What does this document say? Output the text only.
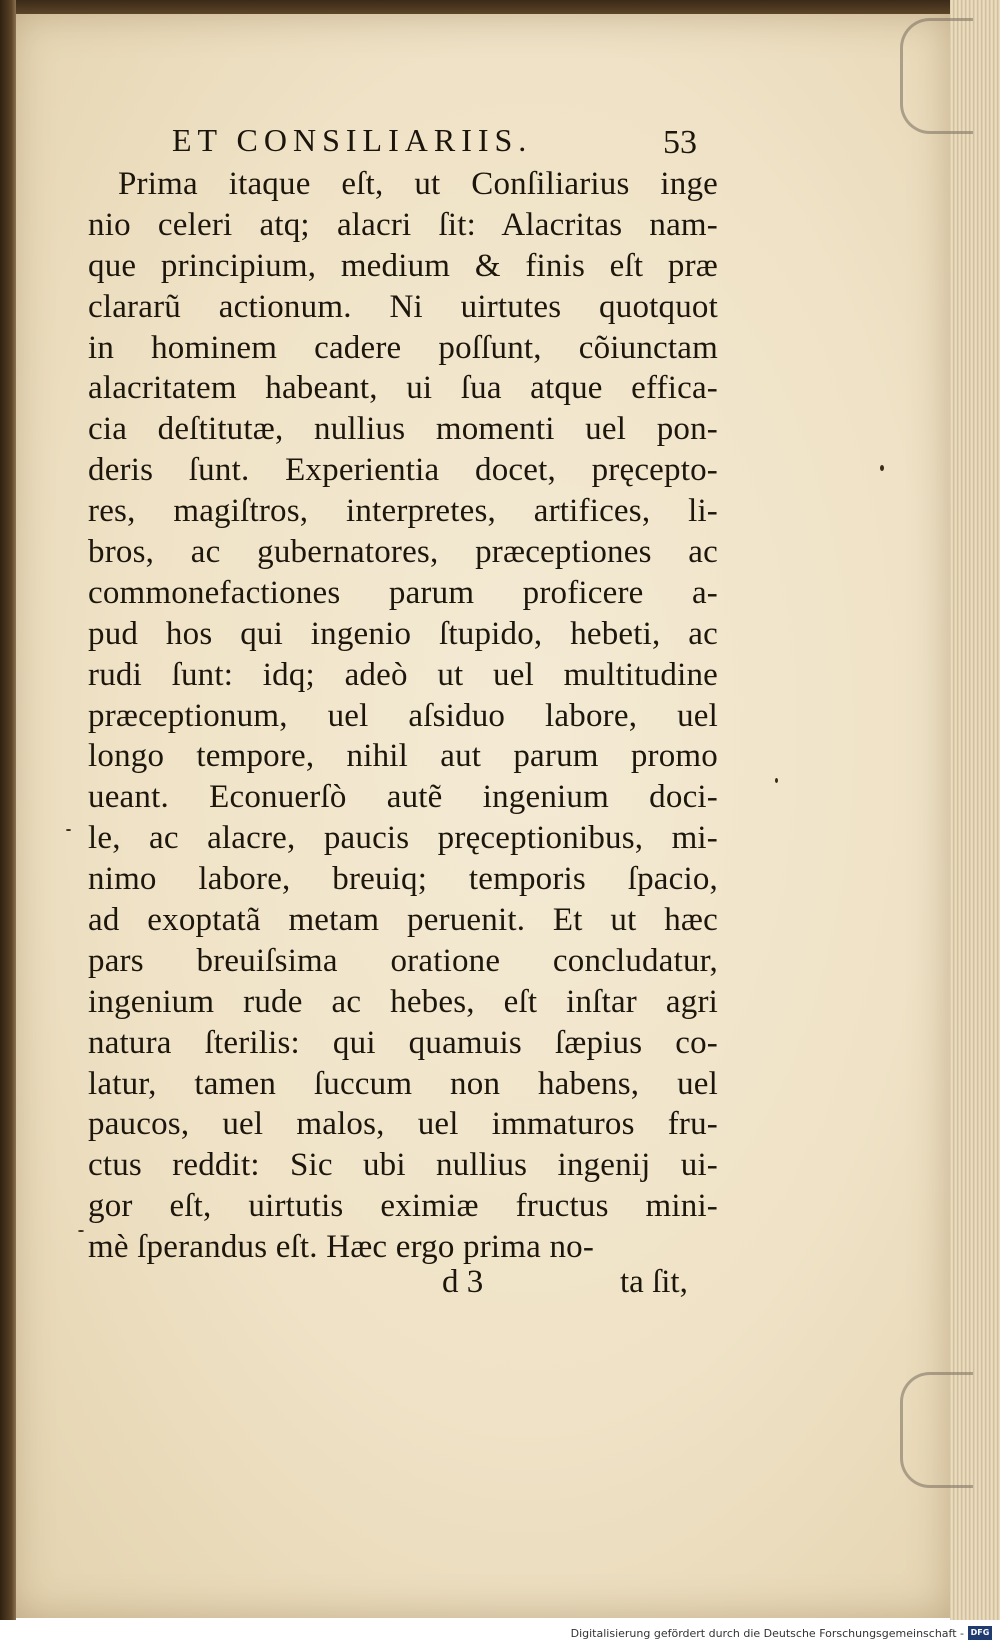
ET CONSILIARIIS.	53
Prima itaque eſt, ut Conſiliarius inge
nio celeri atq; alacri ſit: Alacritas nam-
que principium, medium & finis eſt præ
clararũ actionum. Ni uirtutes quotquot
in hominem cadere poſſunt, cõiunctam
alacritatem habeant, ui ſua atque effica-
cia deſtitutæ, nullius momenti uel pon-
deris ſunt. Experientia docet, pręcepto-
res, magiſtros, interpretes, artifices, li-
bros, ac gubernatores, præceptiones ac
commonefactiones parum proficere a-
pud hos qui ingenio ſtupido, hebeti, ac
rudi ſunt: idq; adeò ut uel multitudine
præceptionum, uel aſsiduo labore, uel
longo tempore, nihil aut parum promo
ueant. Econuerſò autẽ ingenium doci-
le, ac alacre, paucis pręceptionibus, mi-
nimo labore, breuiq; temporis ſpacio,
ad exoptatã metam peruenit. Et ut hæc
pars breuiſsima oratione concludatur,
ingenium rude ac hebes, eſt inſtar agri
natura ſterilis: qui quamuis ſæpius co-
latur, tamen ſuccum non habens, uel
paucos, uel malos, uel immaturos fru-
ctus reddit: Sic ubi nullius ingenij ui-
gor eſt, uirtutis eximiæ fructus mini-
mè ſperandus eſt. Hæc ergo prima no-
d 3	ta ſit,
Digitalisierung gefördert durch die Deutsche Forschungsgemeinschaft - DFG
